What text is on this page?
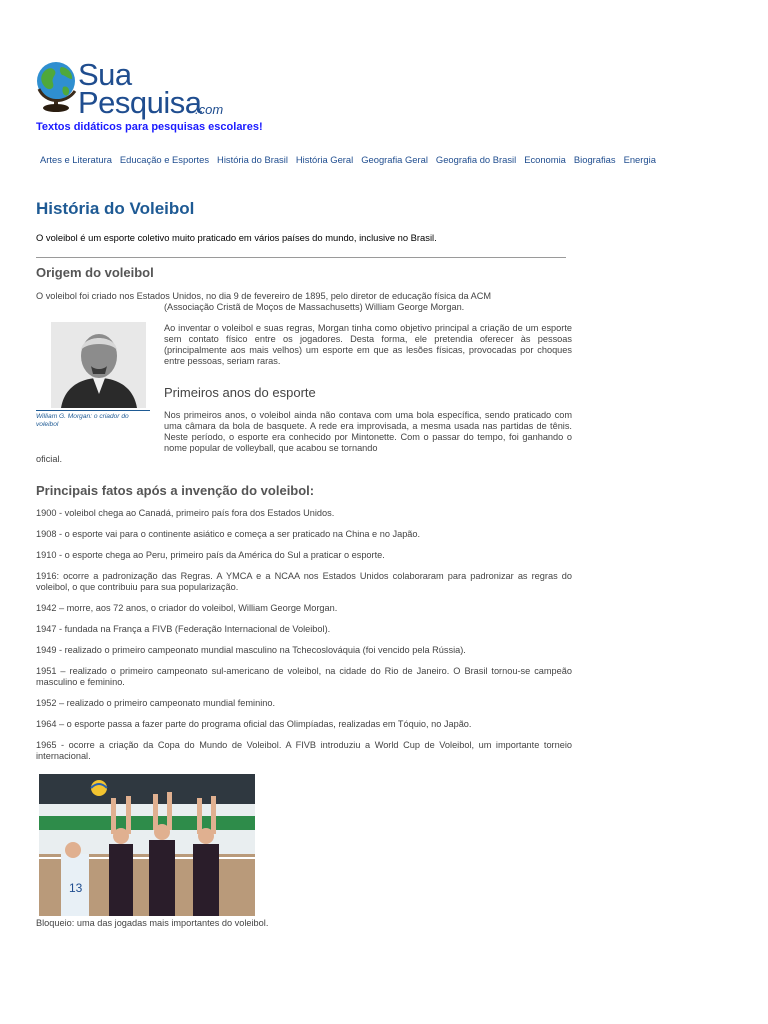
Sua
Pesquisa
.com
Textos didáticos para pesquisas escolares!
Artes e Literatura Educação e Esportes História do Brasil História Geral Geografia Geral Geografia do Brasil Economia Biografias Energia
História do Voleibol
O voleibol é um esporte coletivo muito praticado em vários países do mundo, inclusive no Brasil.
Origem do voleibol

O voleibol foi criado nos Estados Unidos, no dia 9 de fevereiro de 1895, pelo diretor de educação física da ACM
(Associação Cristã de Moços de Massachusetts) William George Morgan.

William G. Morgan: o criador do voleibol

Ao inventar o voleibol e suas regras, Morgan tinha como objetivo principal a criação de um esporte sem contato físico entre os jogadores. Desta forma, ele pretendia oferecer às pessoas (principalmente aos mais velhos) um esporte em que as lesões físicas, provocadas por choques entre pessoas, seriam raras.

Primeiros anos do esporte

Nos primeiros anos, o voleibol ainda não contava com uma bola específica, sendo praticado com uma câmara da bola de basquete. A rede era improvisada, a mesma usada nas partidas de tênis. Neste período, o esporte era conhecido por Mintonette. Com o passar do tempo, foi ganhando o nome popular de volleyball, que acabou se tornando
oficial.

Principais fatos após a invenção do voleibol:
1900 - voleibol chega ao Canadá, primeiro país fora dos Estados Unidos.
1908 - o esporte vai para o continente asiático e começa a ser praticado na China e no Japão.
1910 - o esporte chega ao Peru, primeiro país da América do Sul a praticar o esporte.
1916: ocorre a padronização das Regras. A YMCA e a NCAA nos Estados Unidos colaboraram para padronizar as regras do voleibol, o que contribuiu para sua popularização.
1942 – morre, aos 72 anos, o criador do voleibol, William George Morgan.
1947 - fundada na França a FIVB (Federação Internacional de Voleibol).
1949 - realizado o primeiro campeonato mundial masculino na Tchecoslováquia (foi vencido pela Rússia).
1951 – realizado o primeiro campeonato sul-americano de voleibol, na cidade do Rio de Janeiro. O Brasil tornou-se campeão masculino e feminino.
1952 – realizado o primeiro campeonato mundial feminino.
1964 – o esporte passa a fazer parte do programa oficial das Olimpíadas, realizadas em Tóquio, no Japão.
1965 - ocorre a criação da Copa do Mundo de Voleibol. A FIVB introduziu a World Cup de Voleibol, um importante torneio internacional.
13
Bloqueio: uma das jogadas mais importantes do voleibol.
